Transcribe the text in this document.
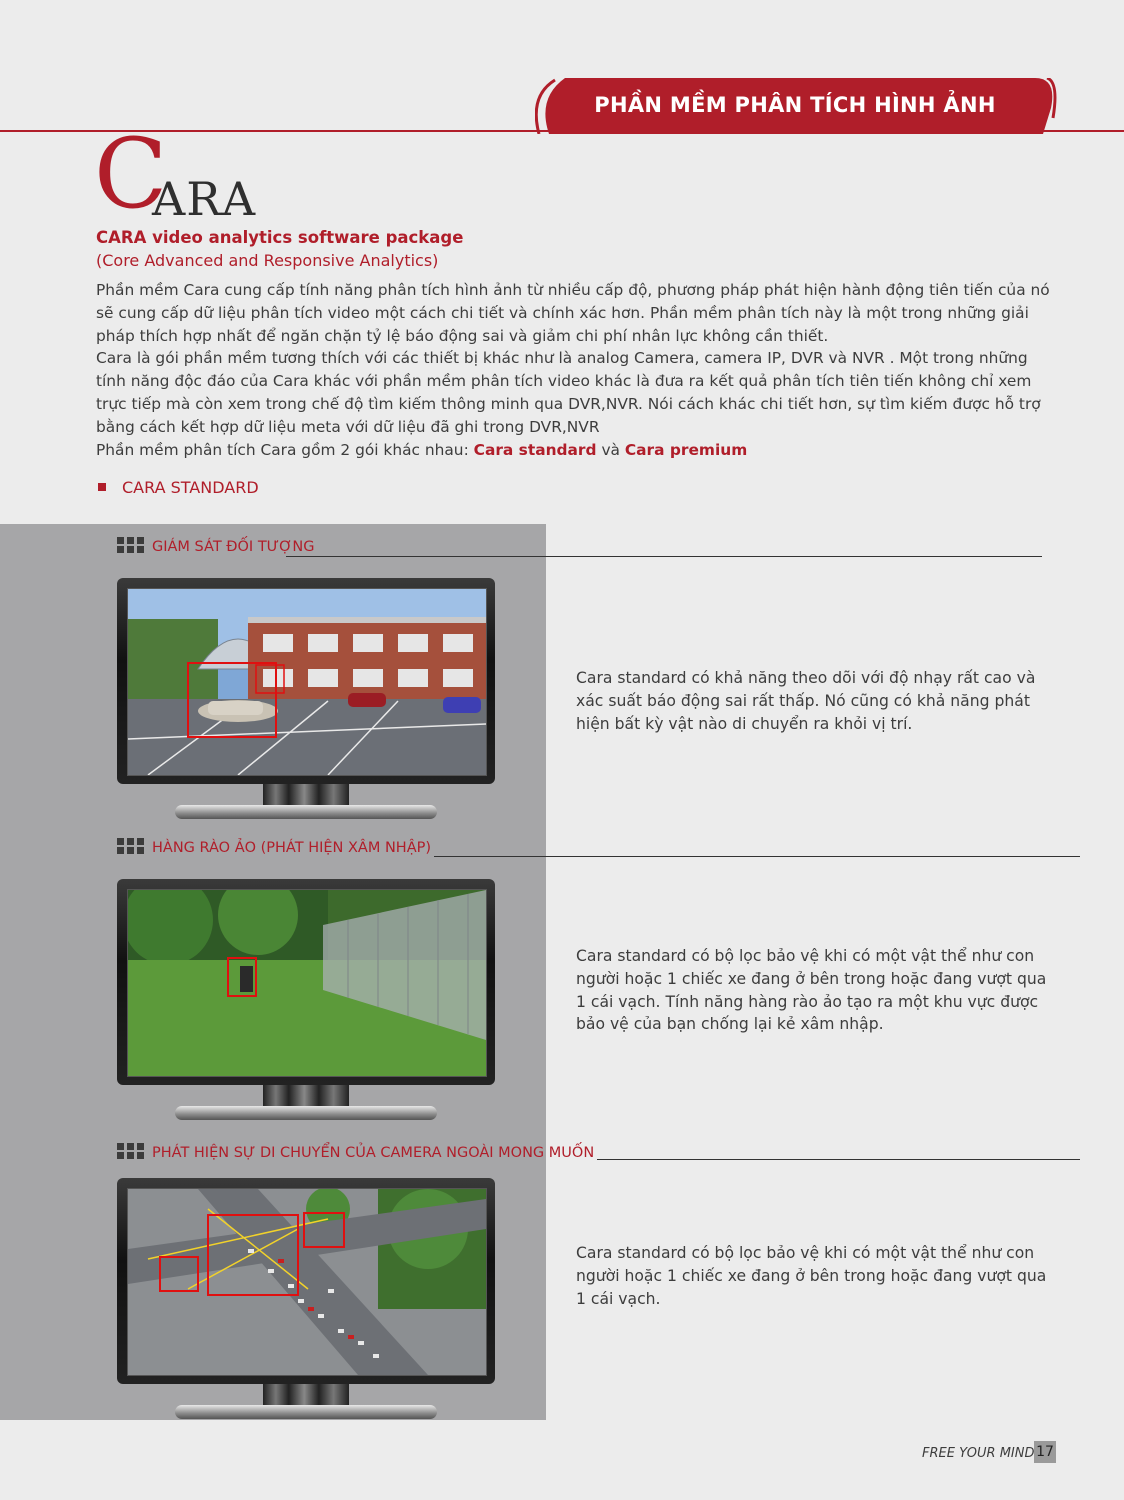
PHẦN MỀM PHÂN TÍCH HÌNH ẢNH
C
ARA
CARA video analytics software package
(Core Advanced and Responsive Analytics)

Phần mềm Cara cung cấp tính năng phân tích hình ảnh từ nhiều cấp độ, phương pháp phát hiện hành động tiên tiến của nó sẽ cung cấp dữ liệu phân tích video một cách chi tiết và chính xác hơn. Phần mềm phân tích này là một trong những giải pháp thích hợp nhất để ngăn chặn tỷ lệ báo động sai và giảm chi phí nhân lực không cần thiết.

Cara là gói phần mềm tương thích với các thiết bị khác như là analog Camera, camera IP, DVR và NVR . Một trong những tính năng độc đáo của Cara khác với phần mềm phân tích video khác là đưa ra kết quả phân tích tiên tiến không chỉ xem trực tiếp mà còn xem trong chế độ tìm kiếm thông minh qua DVR,NVR. Nói cách khác chi tiết hơn, sự tìm kiếm được hỗ trợ bằng cách kết hợp dữ liệu meta với dữ liệu đã ghi trong DVR,NVR

Phần mềm phân tích Cara gồm 2 gói khác nhau: Cara standard và Cara premium

CARA STANDARD
GIÁM SÁT ĐỐI TƯỢNG
Cara standard có khả năng theo dõi với độ nhạy rất cao và xác suất báo động sai rất thấp. Nó cũng có khả năng phát hiện bất kỳ vật nào di chuyển ra khỏi vị trí.
HÀNG RÀO ẢO (PHÁT HIỆN XÂM NHẬP)
Cara standard có bộ lọc bảo vệ khi có một vật thể như con người hoặc 1 chiếc xe đang ở bên trong hoặc đang vượt qua 1 cái vạch. Tính năng hàng rào ảo tạo ra một khu vực được bảo vệ của bạn chống lại kẻ xâm nhập.
PHÁT HIỆN SỰ DI CHUYỂN CỦA CAMERA NGOÀI MONG MUỐN
Cara standard có bộ lọc bảo vệ khi có một vật thể như con người hoặc 1 chiếc xe đang ở bên trong hoặc đang vượt qua 1 cái vạch.
FREE YOUR MIND 17
